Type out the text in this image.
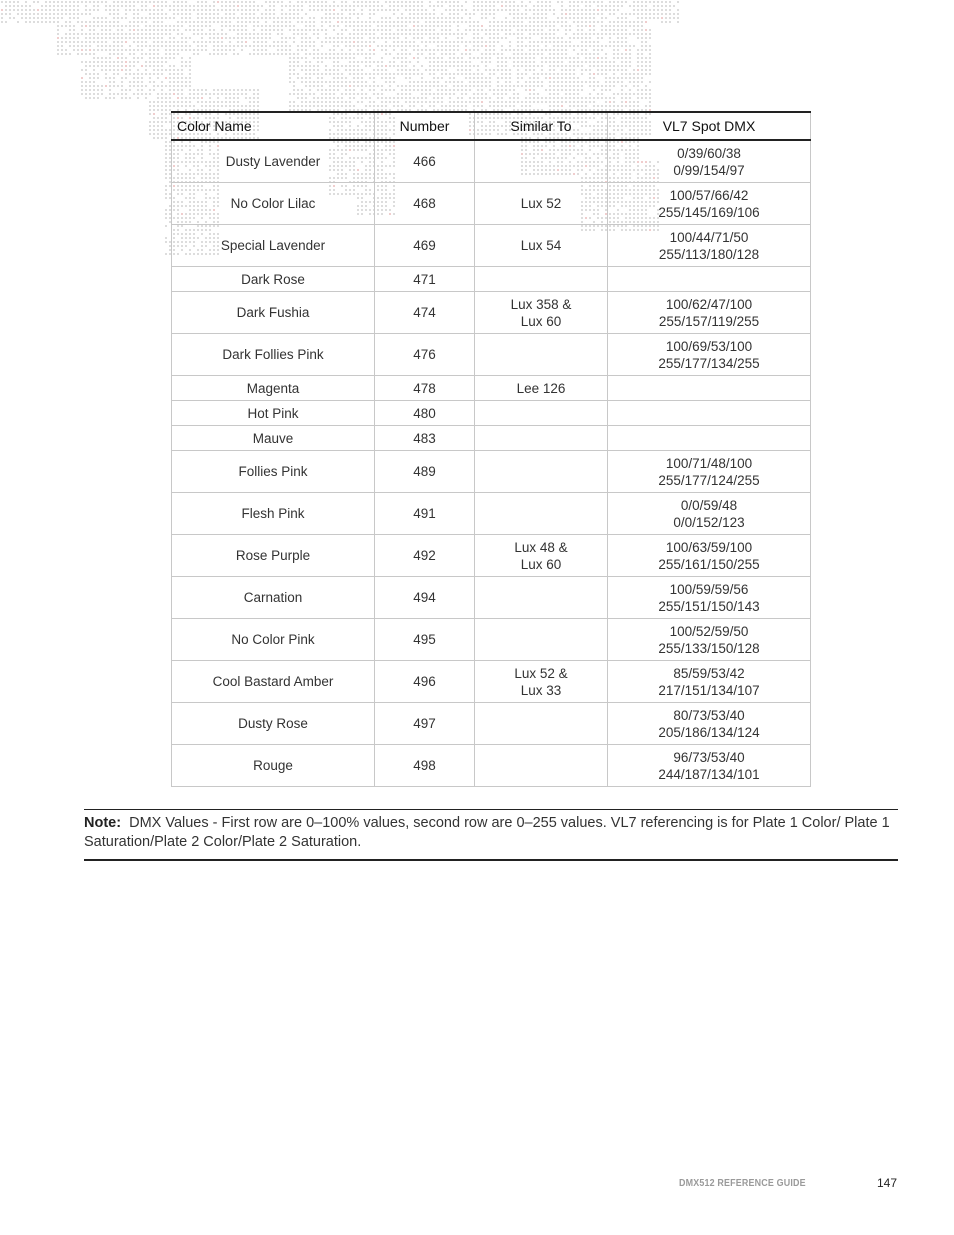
Color Name	Number	Similar To	VL7 Spot DMX
Dusty Lavender	466		0/39/60/38
0/99/154/97

No Color Lilac	468	Lux 52	100/57/66/42
255/145/169/106

Special Lavender	469	Lux 54	100/44/71/50
255/113/180/128

Dark Rose	471		
Dark Fushia	474	Lux 358 &
Lux 60	100/62/47/100
255/157/119/255

Dark Follies Pink	476		100/69/53/100
255/177/134/255

Magenta	478	Lee 126	

Hot Pink	480		
Mauve	483		
Follies Pink	489		100/71/48/100
255/177/124/255

Flesh Pink	491		0/0/59/48
0/0/152/123

Rose Purple	492	Lux 48 &
Lux 60	100/63/59/100
255/161/150/255

Carnation	494		100/59/59/56
255/151/150/143

No Color Pink	495		100/52/59/50
255/133/150/128

Cool Bastard Amber	496	Lux 52 &
Lux 33	85/59/53/42
217/151/134/107

Dusty Rose	497		80/73/53/40
205/186/134/124

Rouge	498		96/73/53/40
244/187/134/101
Note: DMX Values - First row are 0–100% values, second row are 0–255 values. VL7 referencing is for Plate 1 Color/ Plate 1 Saturation/Plate 2 Color/Plate 2 Saturation.
DMX512 REFERENCE GUIDE	147
